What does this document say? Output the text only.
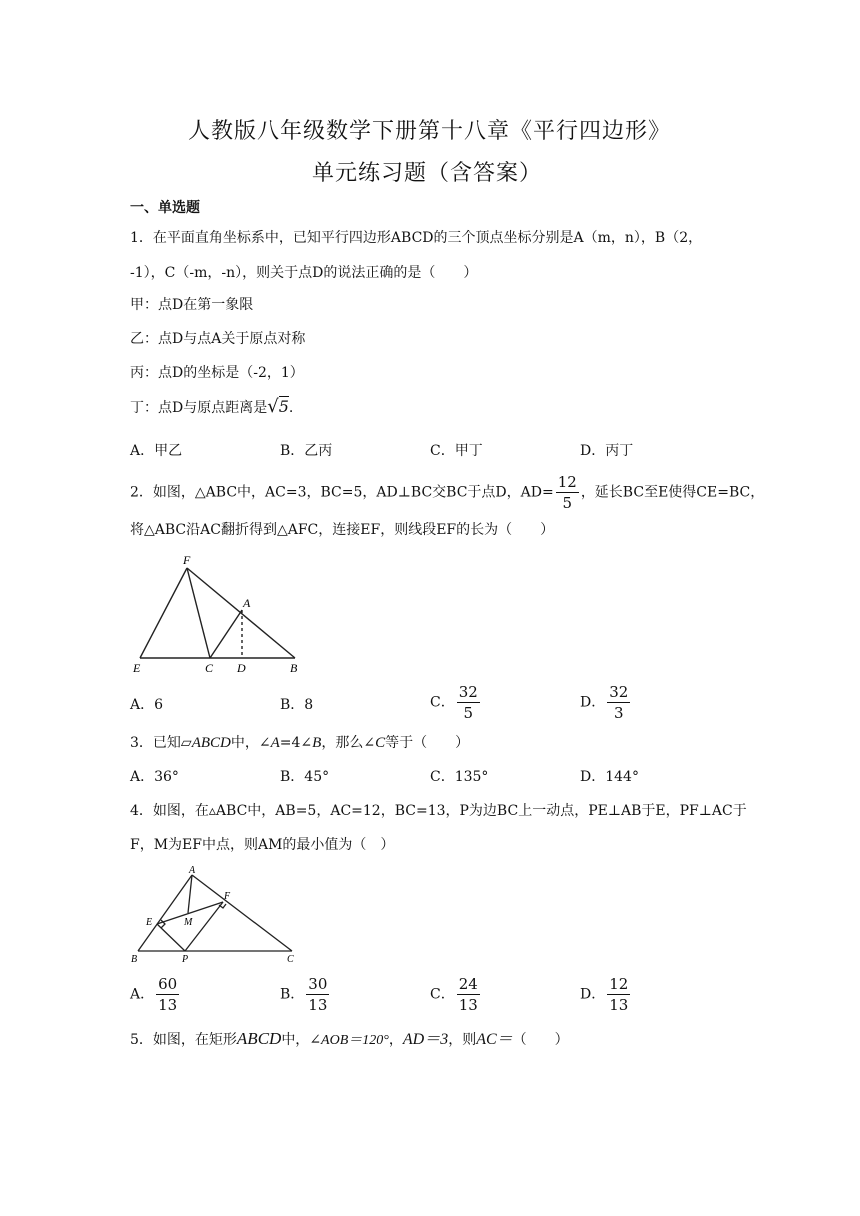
人教版八年级数学下册第十八章《平行四边形》
单元练习题（含答案）
一、单选题
1．在平面直角坐标系中，已知平行四边形ABCD的三个顶点坐标分别是A（m，n），B（2，
-1），C（-m，-n），则关于点D的说法正确的是（　　）
甲：点D在第一象限
乙：点D与点A关于原点对称
丙：点D的坐标是（-2，1）
丁：点D与原点距离是√5.
A．甲乙	B．乙丙	C．甲丁	D．丙丁
2．如图，△ABC中，AC=3，BC=5，AD⊥BC交BC于点D，$AD= \frac{12}{5}$ ，延长BC至E使得CE=BC，
将△ABC沿AC翻折得到△AFC，连接EF，则线段EF的长为（　　）
F
A
E	C D	B
A．6	B．8	C． $\frac{32}{5}$	D． $\frac{32}{3}$
3．已知▱ABCD中，∠A=4∠B，那么∠C等于（　　）
A．36°	B．45°	C．135°	D．144°
4．如图，在▵ABC中，AB=5，AC=12，BC=13，P为边BC上一动点，PE⊥AB于E，PF⊥AC于
F，M为EF中点，则AM的最小值为（　）
A
F
E	M
B	P	C
A． $\frac{60}{13}$	B． $\frac{30}{13}$	C． $\frac{24}{13}$	D． $\frac{12}{13}$
5．如图，在矩形ABCD中，∠AOB＝120°，AD＝3，则AC＝（　　）
